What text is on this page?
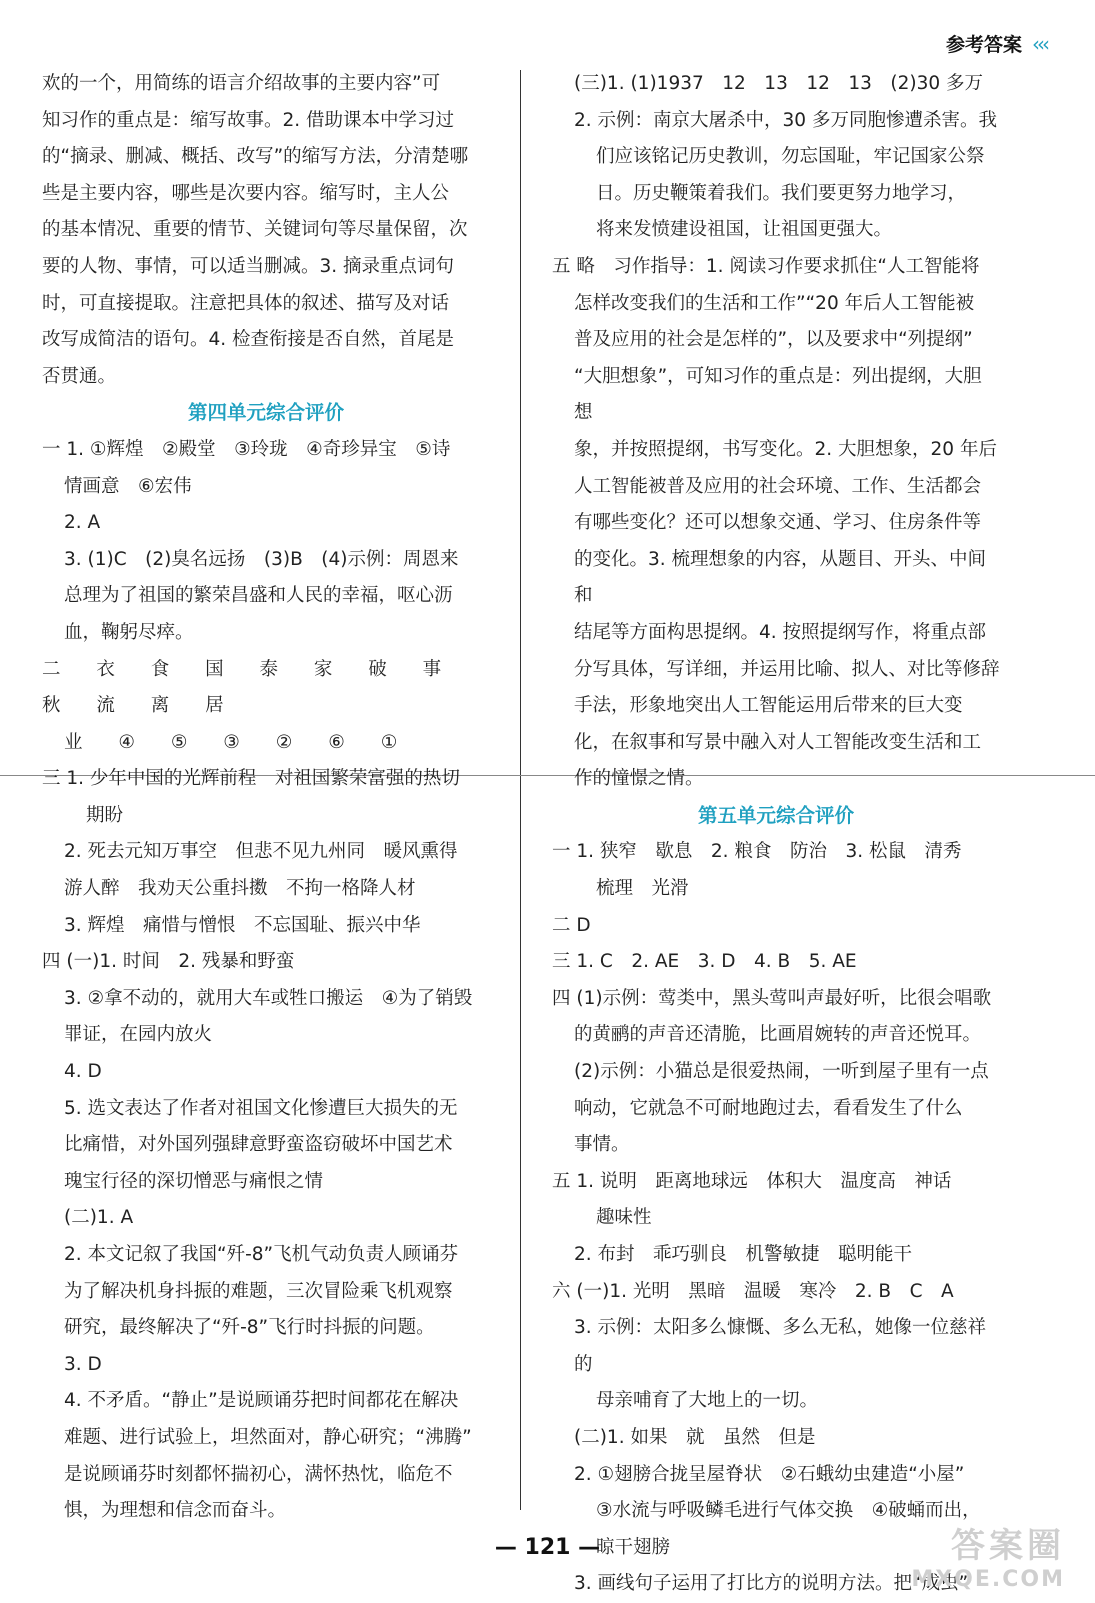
参考答案 ‹‹‹

欢的一个，用简练的语言介绍故事的主要内容”可

知习作的重点是：缩写故事。2. 借助课本中学习过

的“摘录、删减、概括、改写”的缩写方法，分清楚哪

些是主要内容，哪些是次要内容。缩写时，主人公

的基本情况、重要的情节、关键词句等尽量保留，次

要的人物、事情，可以适当删减。3. 摘录重点词句

时，可直接提取。注意把具体的叙述、描写及对话

改写成简洁的语句。4. 检查衔接是否自然，首尾是

否贯通。

第四单元综合评价

一 1. ①辉煌　②殿堂　③玲珑　④奇珍异宝　⑤诗

情画意　⑥宏伟

2. A

3. (1)C　(2)臭名远扬　(3)B　(4)示例：周恩来

总理为了祖国的繁荣昌盛和人民的幸福，呕心沥

血，鞠躬尽瘁。

二 衣 食 国 泰 家 破 事 秋 流 离 居

业 ④ ⑤ ③ ② ⑥ ①

三 1. 少年中国的光辉前程　对祖国繁荣富强的热切

期盼

2. 死去元知万事空　但悲不见九州同　暖风熏得

游人醉　我劝天公重抖擞　不拘一格降人材

3. 辉煌　痛惜与憎恨　不忘国耻、振兴中华

四 (一)1. 时间　2. 残暴和野蛮

3. ②拿不动的，就用大车或牲口搬运　④为了销毁

罪证，在园内放火

4. D

5. 选文表达了作者对祖国文化惨遭巨大损失的无

比痛惜，对外国列强肆意野蛮盗窃破坏中国艺术

瑰宝行径的深切憎恶与痛恨之情

(二)1. A

2. 本文记叙了我国“歼-8”飞机气动负责人顾诵芬

为了解决机身抖振的难题，三次冒险乘飞机观察

研究，最终解决了“歼-8”飞行时抖振的问题。

3. D

4. 不矛盾。“静止”是说顾诵芬把时间都花在解决

难题、进行试验上，坦然面对，静心研究；“沸腾”

是说顾诵芬时刻都怀揣初心，满怀热忱，临危不

惧，为理想和信念而奋斗。

(三)1. (1)1937　12　13　12　13　(2)30 多万

2. 示例：南京大屠杀中，30 多万同胞惨遭杀害。我

们应该铭记历史教训，勿忘国耻，牢记国家公祭

日。历史鞭策着我们。我们要更努力地学习，

将来发愤建设祖国，让祖国更强大。

五 略　习作指导：1. 阅读习作要求抓住“人工智能将

怎样改变我们的生活和工作”“20 年后人工智能被

普及应用的社会是怎样的”，以及要求中“列提纲”

“大胆想象”，可知习作的重点是：列出提纲，大胆想

象，并按照提纲，书写变化。2. 大胆想象，20 年后

人工智能被普及应用的社会环境、工作、生活都会

有哪些变化？还可以想象交通、学习、住房条件等

的变化。3. 梳理想象的内容，从题目、开头、中间和

结尾等方面构思提纲。4. 按照提纲写作，将重点部

分写具体，写详细，并运用比喻、拟人、对比等修辞

手法，形象地突出人工智能运用后带来的巨大变

化，在叙事和写景中融入对人工智能改变生活和工

作的憧憬之情。

第五单元综合评价

一 1. 狭窄　歇息　2. 粮食　防治　3. 松鼠　清秀

梳理　光滑

二 D

三 1. C　2. AE　3. D　4. B　5. AE

四 (1)示例：莺类中，黑头莺叫声最好听，比很会唱歌

的黄鹂的声音还清脆，比画眉婉转的声音还悦耳。

(2)示例：小猫总是很爱热闹，一听到屋子里有一点

响动，它就急不可耐地跑过去，看看发生了什么

事情。

五 1. 说明　距离地球远　体积大　温度高　神话

趣味性

2. 布封　乖巧驯良　机警敏捷　聪明能干

六 (一)1. 光明　黑暗　温暖　寒冷　2. B　C　A

3. 示例：太阳多么慷慨、多么无私，她像一位慈祥的

母亲哺育了大地上的一切。

(二)1. 如果　就　虽然　但是

2. ①翅膀合拢呈屋脊状　②石蛾幼虫建造“小屋”

③水流与呼吸鳞毛进行气体交换　④破蛹而出，

晾干翅膀

3. 画线句子运用了打比方的说明方法。把“成虫”

— 121 —	答案圈
MXQE.COM
